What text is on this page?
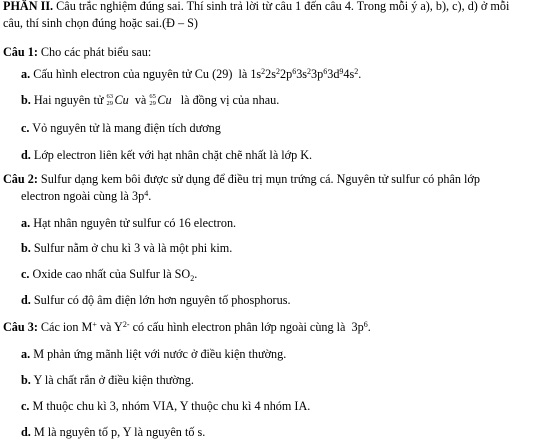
PHẦN II. Câu trắc nghiệm đúng sai. Thí sinh trả lời từ câu 1 đến câu 4. Trong mỗi ý a), b), c), d) ở mỗi
câu, thí sinh chọn đúng hoặc sai.(Đ – S)
Câu 1: Cho các phát biểu sau:
a. Cấu hình electron của nguyên tử Cu (29) là $1s^22s^22p^63s^23p^63d^94s^2$.
b. Hai nguyên tử 63
29 Cu và 65
29 Cu là đồng vị của nhau.
c. Vỏ nguyên tử là mang điện tích dương
d. Lớp electron liên kết với hạt nhân chặt chẽ nhất là lớp K.
Câu 2: Sulfur dạng kem bôi được sử dụng để điều trị mụn trứng cá. Nguyên tử sulfur có phân lớp
electron ngoài cùng là $3p^4$.
a. Hạt nhân nguyên tử sulfur có 16 electron.
b. Sulfur nằm ở chu kì 3 và là một phi kim.
c. Oxide cao nhất của Sulfur là $SO_2$.
d. Sulfur có độ âm điện lớn hơn nguyên tố phosphorus.
Câu 3: Các ion M+ và $Y^{2-}$ có cấu hình electron phân lớp ngoài cùng là $3p^6$.
a. M phản ứng mãnh liệt với nước ở điều kiện thường.
b. Y là chất rắn ở điều kiện thường.
c. M thuộc chu kì 3, nhóm VIA, Y thuộc chu kì 4 nhóm IA.
d. M là nguyên tố p, Y là nguyên tố s.
